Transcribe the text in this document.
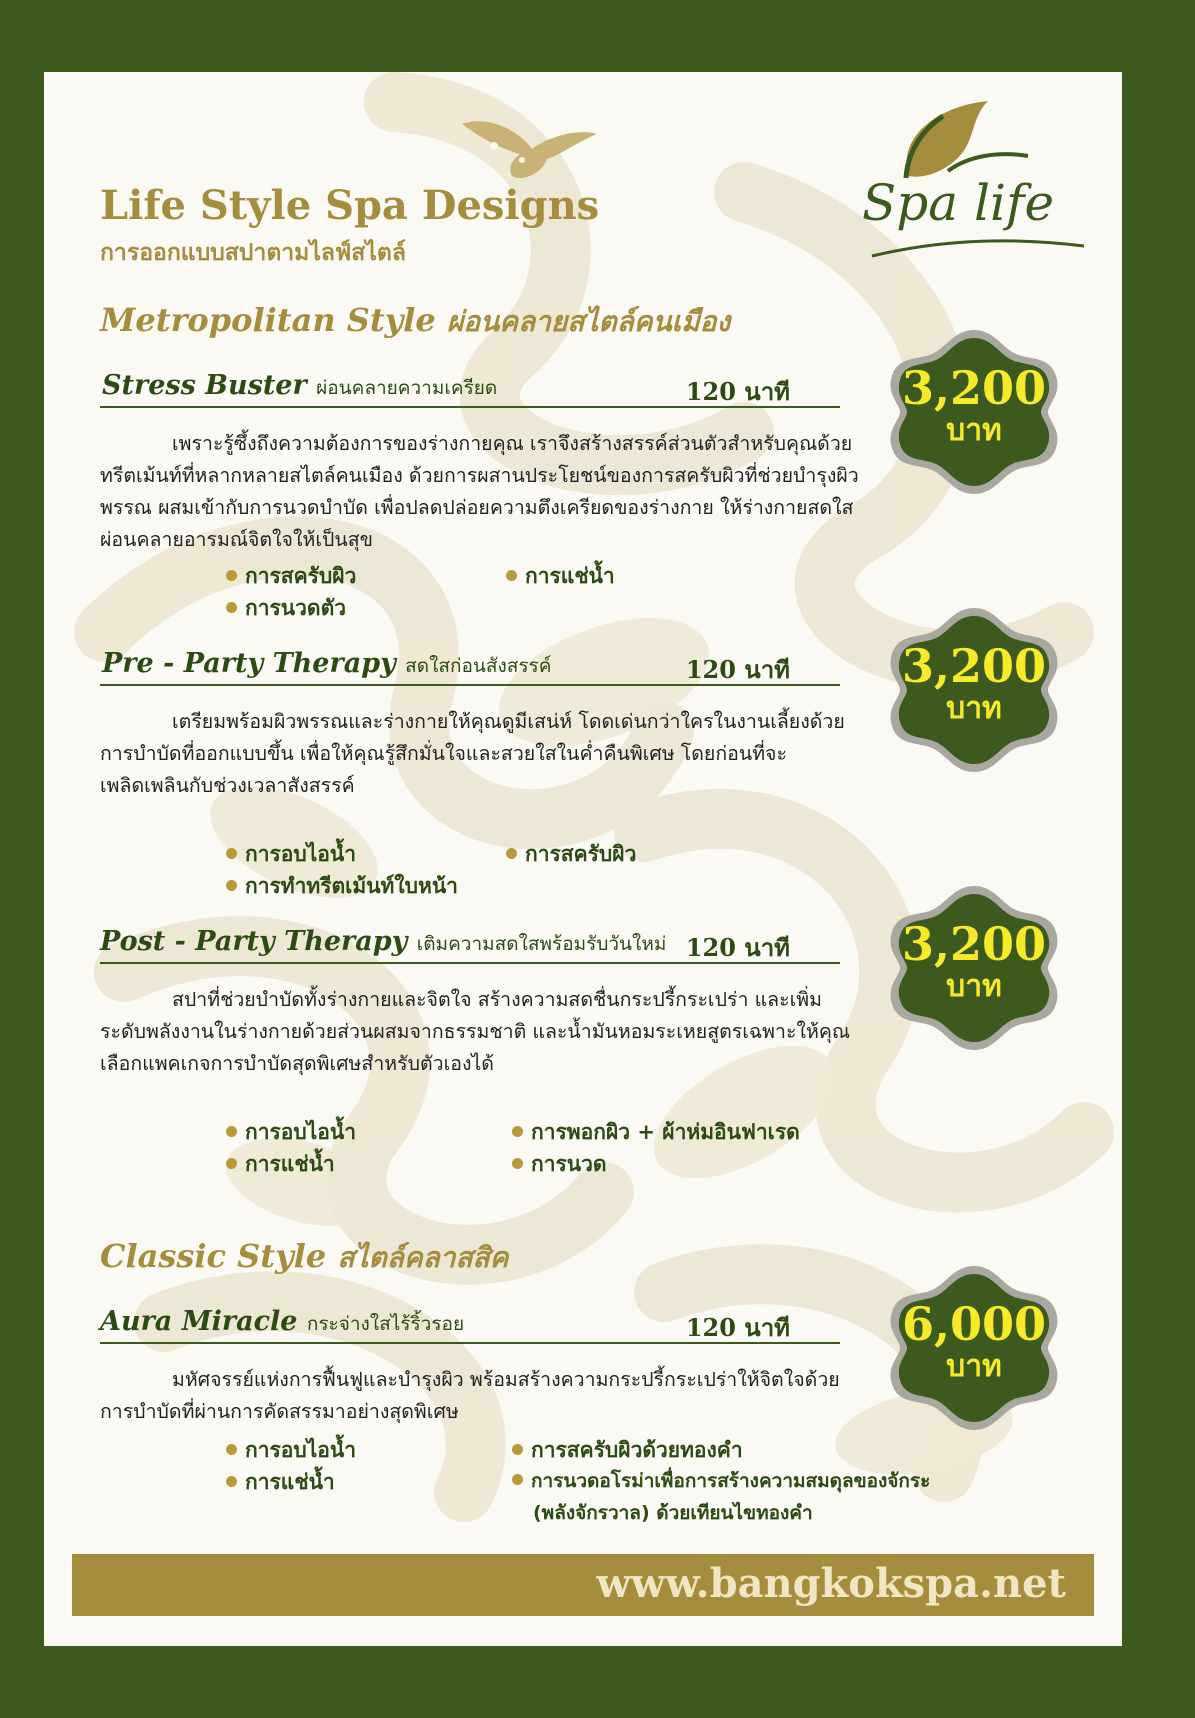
Spa life
Life Style Spa Designs
การออกแบบสปาตามไลฟ์สไตล์
Metropolitan Style ผ่อนคลายสไตล์คนเมือง
Stress Buster ผ่อนคลายความเครียด	120 นาที
เพราะรู้ซึ้งถึงความต้องการของร่างกายคุณ เราจึงสร้างสรรค์ส่วนตัวสำหรับคุณด้วยทรีตเม้นท์ที่หลากหลายสไตล์คนเมือง ด้วยการผสานประโยชน์ของการสครับผิวที่ช่วยบำรุงผิวพรรณ ผสมเข้ากับการนวดบำบัด เพื่อปลดปล่อยความตึงเครียดของร่างกาย ให้ร่างกายสดใส ผ่อนคลายอารมณ์จิตใจให้เป็นสุข
การสครับผิว	การแช่น้ำ
การนวดตัว
3,200
บาท
Pre - Party Therapy สดใสก่อนสังสรรค์	120 นาที
เตรียมพร้อมผิวพรรณและร่างกายให้คุณดูมีเสน่ห์ โดดเด่นกว่าใครในงานเลี้ยงด้วยการบำบัดที่ออกแบบขึ้น เพื่อให้คุณรู้สึกมั่นใจและสวยใสในค่ำคืนพิเศษ โดยก่อนที่จะเพลิดเพลินกับช่วงเวลาสังสรรค์
การอบไอน้ำ	การสครับผิว
การทำทรีตเม้นท์ใบหน้า
3,200
บาท
Post - Party Therapy เติมความสดใสพร้อมรับวันใหม่ 120 นาที
สปาที่ช่วยบำบัดทั้งร่างกายและจิตใจ สร้างความสดชื่นกระปรี้กระเปร่า และเพิ่มระดับพลังงานในร่างกายด้วยส่วนผสมจากธรรมชาติ และน้ำมันหอมระเหยสูตรเฉพาะให้คุณเลือกแพคเกจการบำบัดสุดพิเศษสำหรับตัวเองได้
การอบไอน้ำ	การพอกผิว + ผ้าห่มอินฟาเรด
การแช่น้ำ	การนวด
3,200
บาท
Classic Style สไตล์คลาสสิค
Aura Miracle กระจ่างใสไร้ริ้วรอย	120 นาที
มหัศจรรย์แห่งการฟื้นฟูและบำรุงผิว พร้อมสร้างความกระปรี้กระเปร่าให้จิตใจด้วยการบำบัดที่ผ่านการคัดสรรมาอย่างสุดพิเศษ
การอบไอน้ำ	การสครับผิวด้วยทองคำ
การแช่น้ำ	การนวดอโรม่าเพื่อการสร้างความสมดุลของจักระ
(พลังจักรวาล) ด้วยเทียนไขทองคำ
6,000
บาท
www.bangkokspa.net
